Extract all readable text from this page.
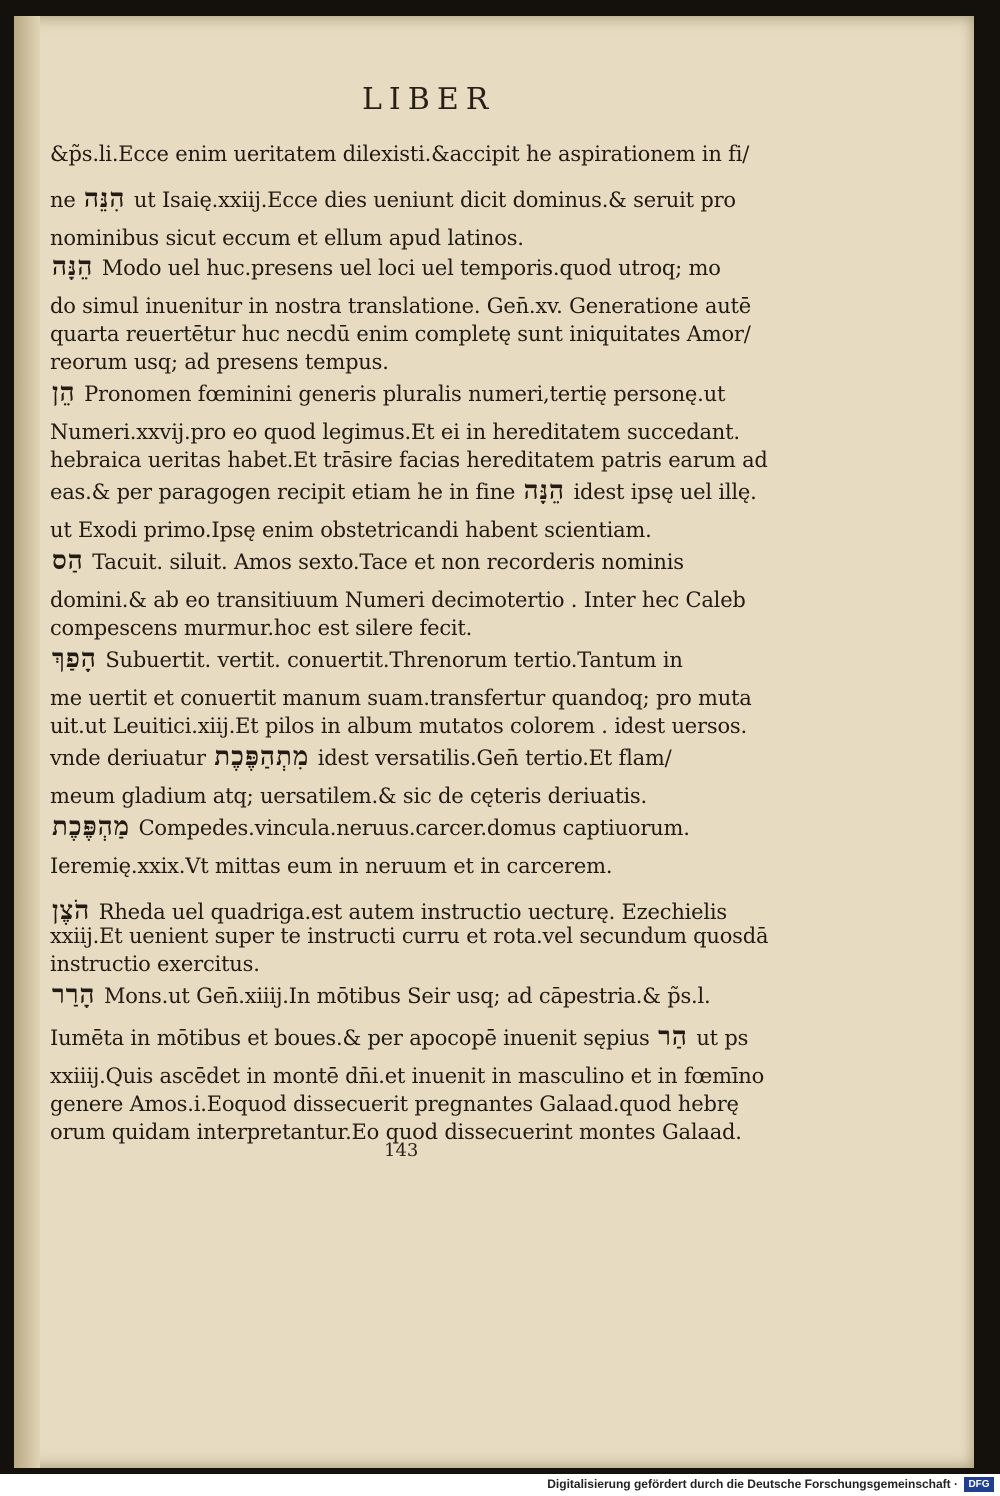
LIBER
&p̃s.li.Ecce enim ueritatem dilexisti.&accipit he aspirationem in fi/
ne הִנֵּה ut Isaię.xxiij.Ecce dies ueniunt dicit dominus.& seruit pro
nominibus sicut eccum et ellum apud latinos.
הֵנָּה Modo uel huc.presens uel loci uel temporis.quod utroq; mo
do simul inuenitur in nostra translatione. Gen̄.xv. Generatione autē
quarta reuertētur huc necdū enim completę sunt iniquitates Amor/
reorum usq; ad presens tempus.
הֵן Pronomen fœminini generis pluralis numeri,tertię personę.ut
Numeri.xxvij.pro eo quod legimus.Et ei in hereditatem succedant.
hebraica ueritas habet.Et trāsire facias hereditatem patris earum ad
eas.& per paragogen recipit etiam he in fine הֵנָּה idest ipsę uel illę.
ut Exodi primo.Ipsę enim obstetricandi habent scientiam.
הַס Tacuit. siluit. Amos sexto.Tace et non recorderis nominis
domini.& ab eo transitiuum Numeri decimotertio . Inter hec Caleb
compescens murmur.hoc est silere fecit.
הָפַךְ Subuertit. vertit. conuertit.Threnorum tertio.Tantum in
me uertit et conuertit manum suam.transfertur quandoq; pro muta
uit.ut Leuitici.xiij.Et pilos in album mutatos colorem . idest uersos.
vnde deriuatur מִתְהַפֶּכֶת idest versatilis.Gen̄ tertio.Et flam/
meum gladium atq; uersatilem.& sic de cęteris deriuatis.
מַהְפֶּכֶת Compedes.vincula.neruus.carcer.domus captiuorum.
Ieremię.xxix.Vt mittas eum in neruum et in carcerem.
הֹצֶן Rheda uel quadriga.est autem instructio uecturę. Ezechielis
xxiij.Et uenient super te instructi curru et rota.vel secundum quosdā
instructio exercitus.
הָרַר Mons.ut Gen̄.xiiij.In mōtibus Seir usq; ad cāpestria.& p̃s.l.
Iumēta in mōtibus et boues.& per apocopē inuenit sępius הַר ut ps
xxiiij.Quis ascēdet in montē dn̄i.et inuenit in masculino et in fœmīno
genere Amos.i.Eoquod dissecuerit pregnantes Galaad.quod hebrę
orum quidam interpretantur.Eo quod dissecuerint montes Galaad.
143
Digitalisierung gefördert durch die Deutsche Forschungsgemeinschaft ·	DFG
